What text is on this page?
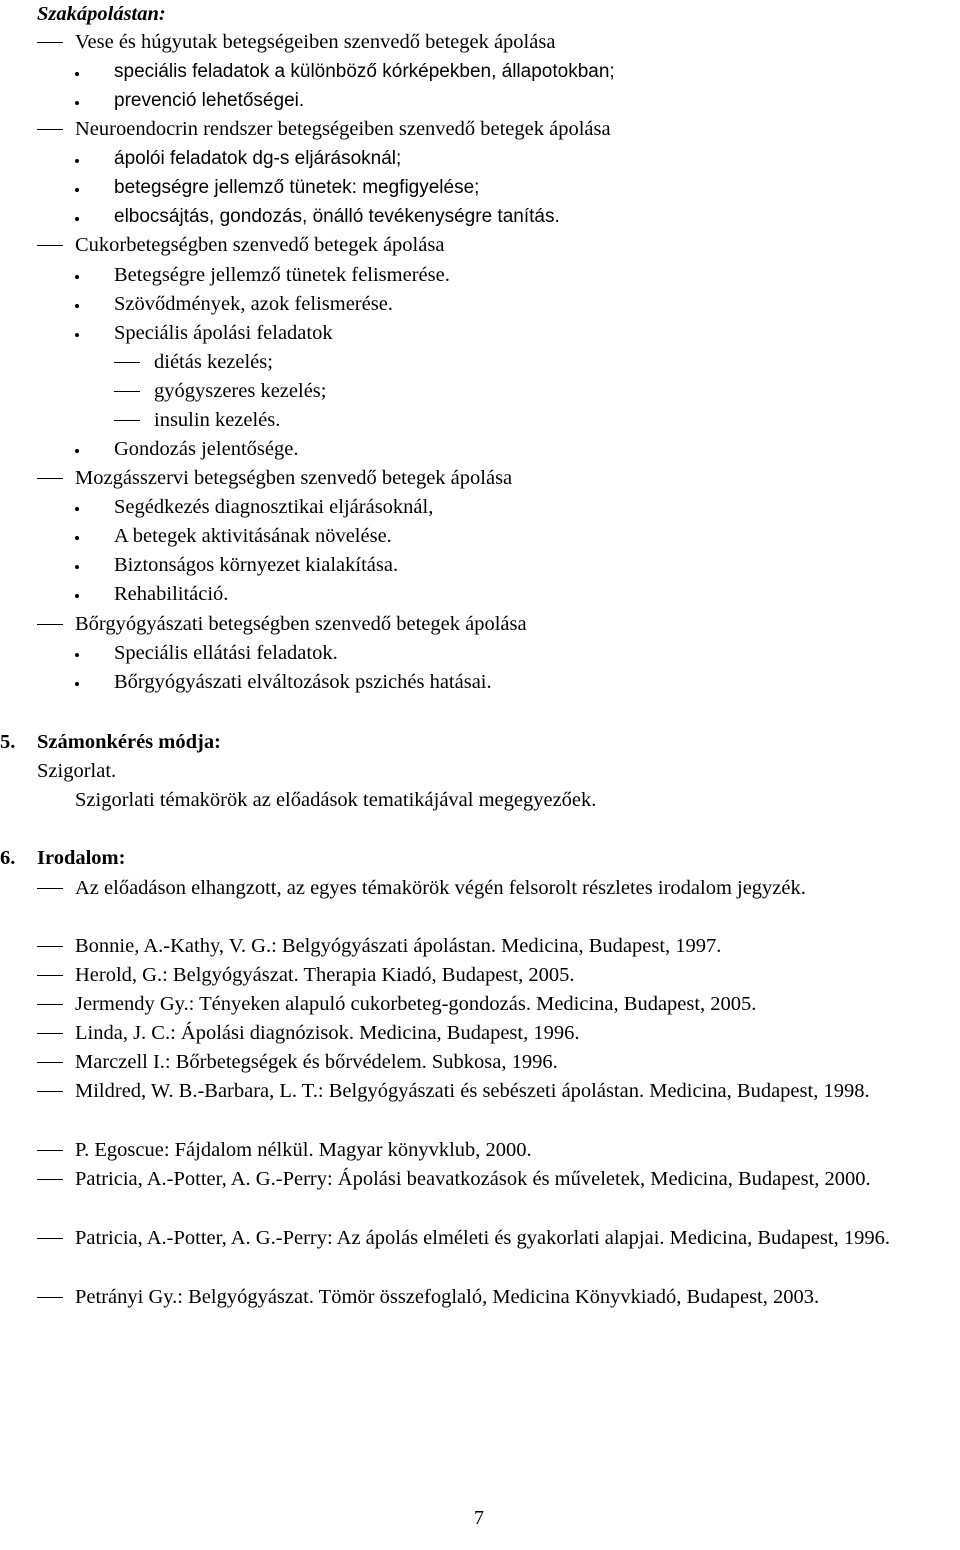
Szakápolástan:
Vese és húgyutak betegségeiben szenvedő betegek ápolása
speciális feladatok a különböző kórképekben, állapotokban;
prevenció lehetőségei.
Neuroendocrin rendszer betegségeiben szenvedő betegek ápolása
ápolói feladatok dg-s eljárásoknál;
betegségre jellemző tünetek: megfigyelése;
elbocsájtás, gondozás, önálló tevékenységre tanítás.
Cukorbetegségben szenvedő betegek ápolása
Betegségre jellemző tünetek felismerése.
Szövődmények, azok felismerése.
Speciális ápolási feladatok
diétás kezelés;
gyógyszeres kezelés;
insulin kezelés.
Gondozás jelentősége.
Mozgásszervi betegségben szenvedő betegek ápolása
Segédkezés diagnosztikai eljárásoknál,
A betegek aktivitásának növelése.
Biztonságos környezet kialakítása.
Rehabilitáció.
Bőrgyógyászati betegségben szenvedő betegek ápolása
Speciális ellátási feladatok.
Bőrgyógyászati elváltozások pszichés hatásai.
5. Számonkérés módja:
Szigorlat.
Szigorlati témakörök az előadások tematikájával megegyezőek.
6. Irodalom:
Az előadáson elhangzott, az egyes témakörök végén felsorolt részletes irodalom jegyzék.
Bonnie, A.-Kathy, V. G.: Belgyógyászati ápolástan. Medicina, Budapest, 1997.
Herold, G.: Belgyógyászat. Therapia Kiadó, Budapest, 2005.
Jermendy Gy.: Tényeken alapuló cukorbeteg-gondozás. Medicina, Budapest, 2005.
Linda, J. C.: Ápolási diagnózisok. Medicina, Budapest, 1996.
Marczell I.: Bőrbetegségek és bőrvédelem. Subkosa, 1996.
Mildred, W. B.-Barbara, L. T.: Belgyógyászati és sebészeti ápolástan. Medicina, Budapest, 1998.
P. Egoscue: Fájdalom nélkül. Magyar könyvklub, 2000.
Patricia, A.-Potter, A. G.-Perry: Ápolási beavatkozások és műveletek, Medicina, Budapest, 2000.
Patricia, A.-Potter, A. G.-Perry: Az ápolás elméleti és gyakorlati alapjai. Medicina, Budapest, 1996.
Petrányi Gy.: Belgyógyászat. Tömör összefoglaló, Medicina Könyvkiadó, Budapest, 2003.
7
